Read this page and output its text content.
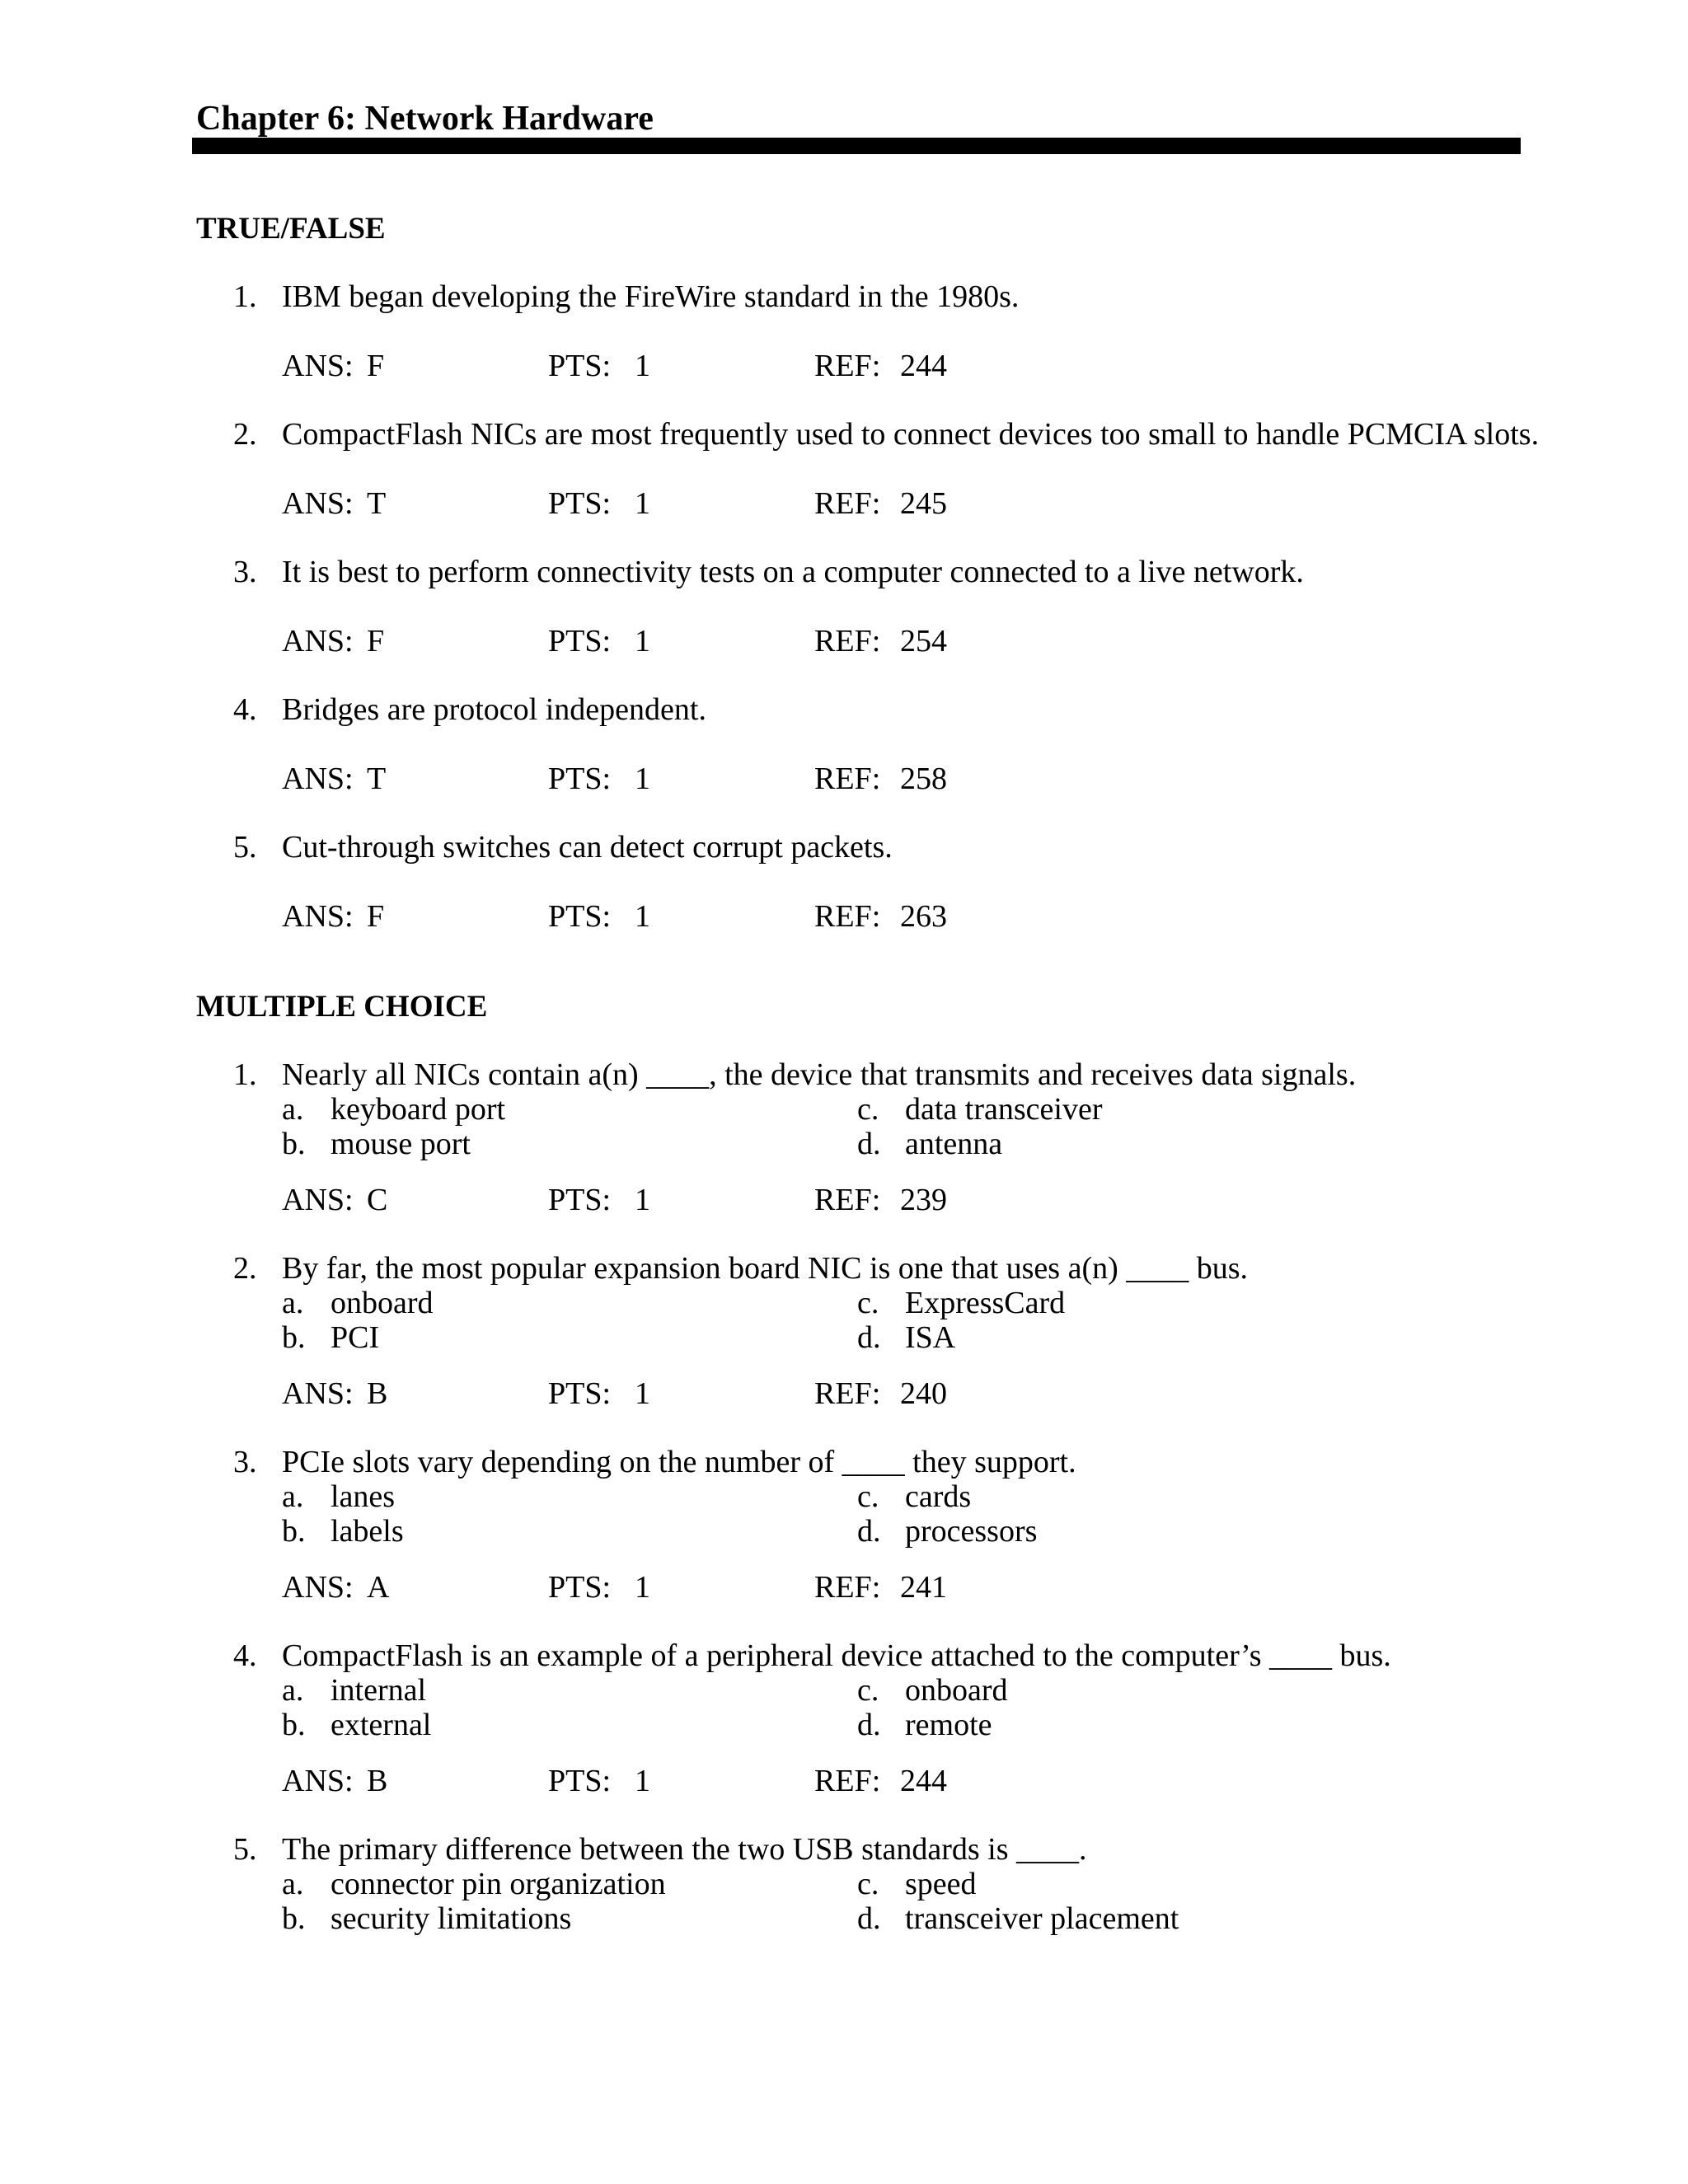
Chapter 6: Network Hardware
TRUE/FALSE
1. IBM began developing the FireWire standard in the 1980s.
ANS: F	PTS: 1	REF: 244
2. CompactFlash NICs are most frequently used to connect devices too small to handle PCMCIA slots.
ANS: T	PTS: 1	REF: 245
3. It is best to perform connectivity tests on a computer connected to a live network.
ANS: F	PTS: 1	REF: 254
4. Bridges are protocol independent.
ANS: T	PTS: 1	REF: 258
5. Cut-through switches can detect corrupt packets.
ANS: F	PTS: 1	REF: 263
MULTIPLE CHOICE
1. Nearly all NICs contain a(n) ____, the device that transmits and receives data signals.
a. keyboard port	c. data transceiver
b. mouse port	d. antenna
ANS: C	PTS: 1	REF: 239
2. By far, the most popular expansion board NIC is one that uses a(n) ____ bus.
a. onboard	c. ExpressCard
b. PCI	d. ISA
ANS: B	PTS: 1	REF: 240
3. PCIe slots vary depending on the number of ____ they support.
a. lanes	c. cards
b. labels	d. processors
ANS: A	PTS: 1	REF: 241
4. CompactFlash is an example of a peripheral device attached to the computer’s ____ bus.
a. internal	c. onboard
b. external	d. remote
ANS: B	PTS: 1	REF: 244
5. The primary difference between the two USB standards is ____.
a. connector pin organization	c. speed
b. security limitations	d. transceiver placement
